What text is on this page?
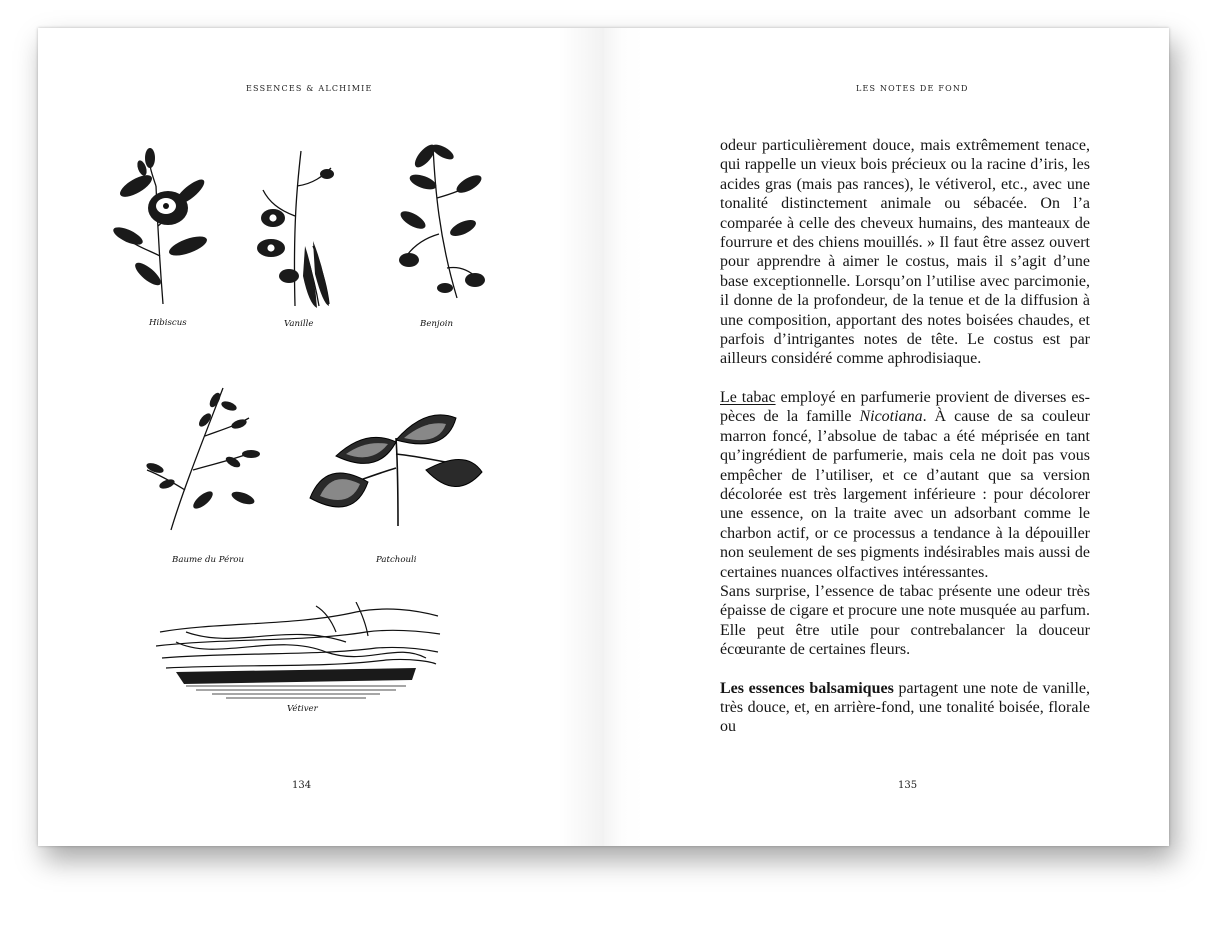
ESSENCES & ALCHIMIE
Hibiscus	Vanille	Benjoin
Baume du Pérou	Patchouli
Vétiver
134
LES NOTES DE FOND

odeur particulièrement douce, mais extrêmement tenace, qui rappelle un vieux bois précieux ou la racine d’iris, les acides gras (mais pas rances), le vétiverol, etc., avec une tonalité distinctement animale ou sébacée. On l’a comparée à celle des cheveux humains, des manteaux de fourrure et des chiens mouillés. » Il faut être assez ouvert pour apprendre à aimer le costus, mais il s’agit d’une base exceptionnelle. Lorsqu’on l’utilise avec parcimonie, il donne de la profondeur, de la tenue et de la diffusion à une composition, apportant des notes boisées chaudes, et parfois d’intrigantes notes de tête. Le costus est par ailleurs considéré comme aphrodisiaque.

Le tabac employé en parfumerie provient de diverses espèces de la famille Nicotiana. À cause de sa couleur marron foncé, l’absolue de tabac a été méprisée en tant qu’ingrédient de parfumerie, mais cela ne doit pas vous empêcher de l’utiliser, et ce d’autant que sa version décolorée est très largement inférieure : pour décolorer une essence, on la traite avec un adsorbant comme le charbon actif, or ce processus a tendance à la dépouiller non seulement de ses pigments indésirables mais aussi de certaines nuances olfactives intéressantes.

Sans surprise, l’essence de tabac présente une odeur très épaisse de cigare et procure une note musquée au parfum. Elle peut être utile pour contrebalancer la douceur écœurante de certaines fleurs.

Les essences balsamiques partagent une note de vanille, très douce, et, en arrière-fond, une tonalité boisée, florale ou

135
